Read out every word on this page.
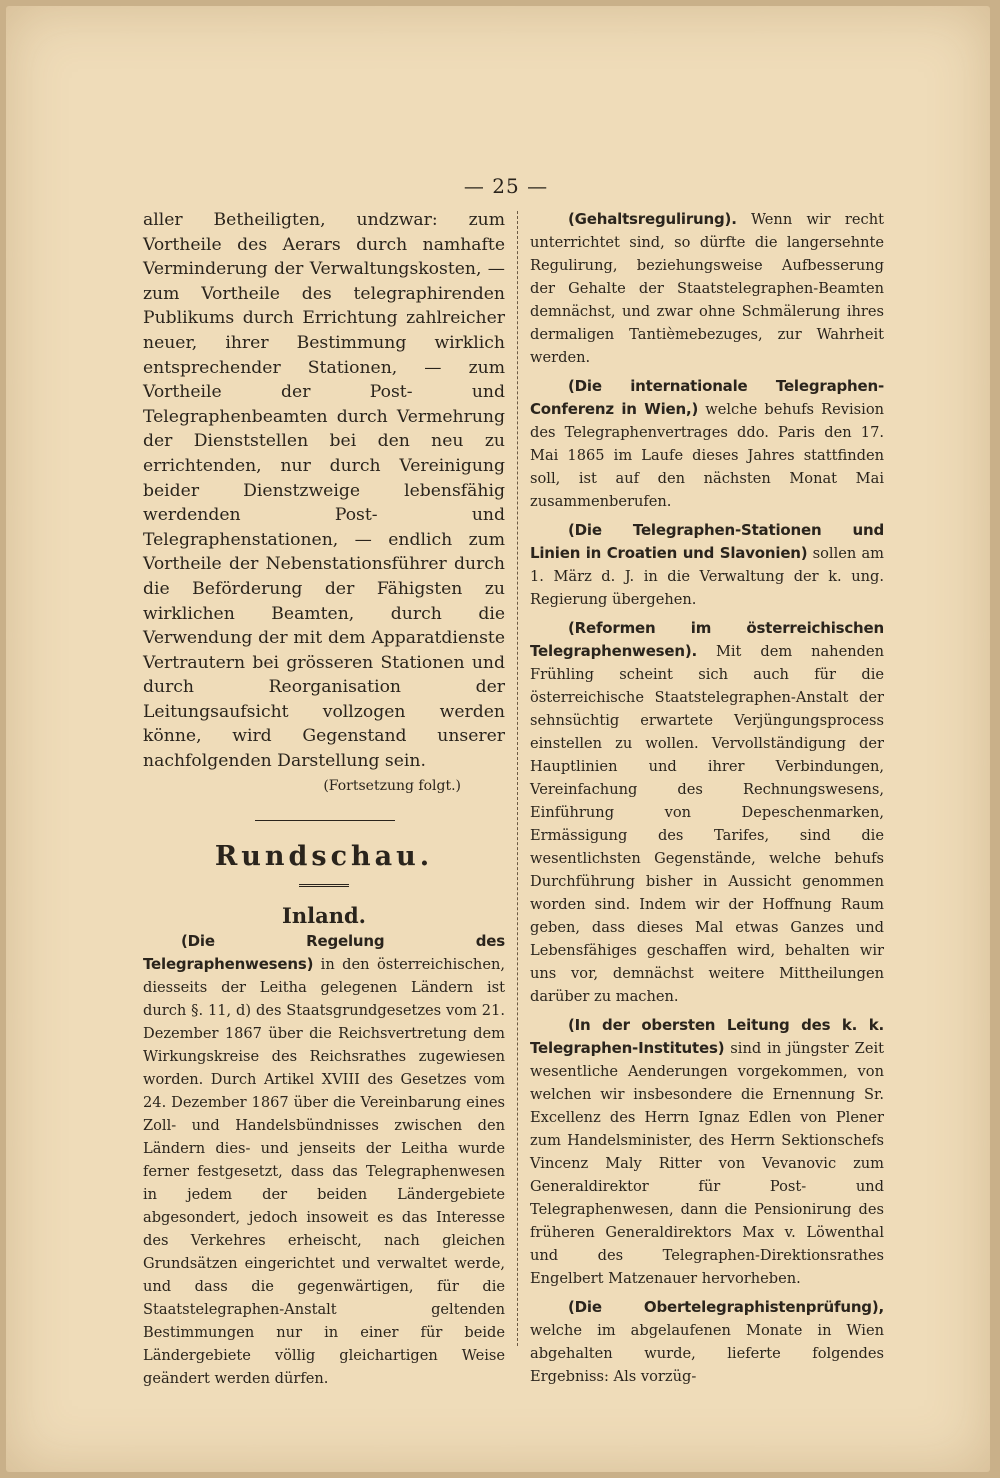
— 25 —

aller Betheiligten, undzwar: zum Vortheile des Aerars durch namhafte Verminderung der Verwaltungskosten, — zum Vortheile des telegraphirenden Publikums durch Errichtung zahlreicher neuer, ihrer Bestimmung wirklich entsprechender Stationen, — zum Vortheile der Post- und Telegraphenbeamten durch Vermehrung der Dienststellen bei den neu zu errichtenden, nur durch Vereinigung beider Dienstzweige lebensfähig werdenden Post- und Telegraphenstationen, — endlich zum Vortheile der Nebenstationsführer durch die Beförderung der Fähigsten zu wirklichen Beamten, durch die Verwendung der mit dem Apparatdienste Vertrautern bei grösseren Stationen und durch Reorganisation der Leitungsaufsicht vollzogen werden könne, wird Gegenstand unserer nachfolgenden Darstellung sein.

(Fortsetzung folgt.)
Rundschau.
Inland.

(Die Regelung des Telegraphenwesens) in den österreichischen, diesseits der Leitha gelegenen Ländern ist durch §. 11, d) des Staatsgrundgesetzes vom 21. Dezember 1867 über die Reichsvertretung dem Wirkungskreise des Reichsrathes zugewiesen worden. Durch Artikel XVIII des Gesetzes vom 24. Dezember 1867 über die Vereinbarung eines Zoll- und Handelsbündnisses zwischen den Ländern dies- und jenseits der Leitha wurde ferner festgesetzt, dass das Telegraphenwesen in jedem der beiden Ländergebiete abgesondert, jedoch insoweit es das Interesse des Verkehres erheischt, nach gleichen Grundsätzen eingerichtet und verwaltet werde, und dass die gegenwärtigen, für die Staatstelegraphen-Anstalt geltenden Bestimmungen nur in einer für beide Ländergebiete völlig gleichartigen Weise geändert werden dürfen.

(Gehaltsregulirung). Wenn wir recht unterrichtet sind, so dürfte die langersehnte Regulirung, beziehungsweise Aufbesserung der Gehalte der Staatstelegraphen-Beamten demnächst, und zwar ohne Schmälerung ihres dermaligen Tantièmebezuges, zur Wahrheit werden.

(Die internationale Telegraphen-Conferenz in Wien,) welche behufs Revision des Telegraphenvertrages ddo. Paris den 17. Mai 1865 im Laufe dieses Jahres stattfinden soll, ist auf den nächsten Monat Mai zusammenberufen.

(Die Telegraphen-Stationen und Linien in Croatien und Slavonien) sollen am 1. März d. J. in die Verwaltung der k. ung. Regierung übergehen.

(Reformen im österreichischen Telegraphenwesen). Mit dem nahenden Frühling scheint sich auch für die österreichische Staatstelegraphen-Anstalt der sehnsüchtig erwartete Verjüngungsprocess einstellen zu wollen. Vervollständigung der Hauptlinien und ihrer Verbindungen, Vereinfachung des Rechnungswesens, Einführung von Depeschenmarken, Ermässigung des Tarifes, sind die wesentlichsten Gegenstände, welche behufs Durchführung bisher in Aussicht genommen worden sind. Indem wir der Hoffnung Raum geben, dass dieses Mal etwas Ganzes und Lebensfähiges geschaffen wird, behalten wir uns vor, demnächst weitere Mittheilungen darüber zu machen.

(In der obersten Leitung des k. k. Telegraphen-Institutes) sind in jüngster Zeit wesentliche Aenderungen vorgekommen, von welchen wir insbesondere die Ernennung Sr. Excellenz des Herrn Ignaz Edlen von Plener zum Handelsminister, des Herrn Sektionschefs Vincenz Maly Ritter von Vevanovic zum Generaldirektor für Post- und Telegraphenwesen, dann die Pensionirung des früheren Generaldirektors Max v. Löwenthal und des Telegraphen-Direktionsrathes Engelbert Matzenauer hervorheben.

(Die Obertelegraphistenprüfung), welche im abgelaufenen Monate in Wien abgehalten wurde, lieferte folgendes Ergebniss: Als vorzüg-
